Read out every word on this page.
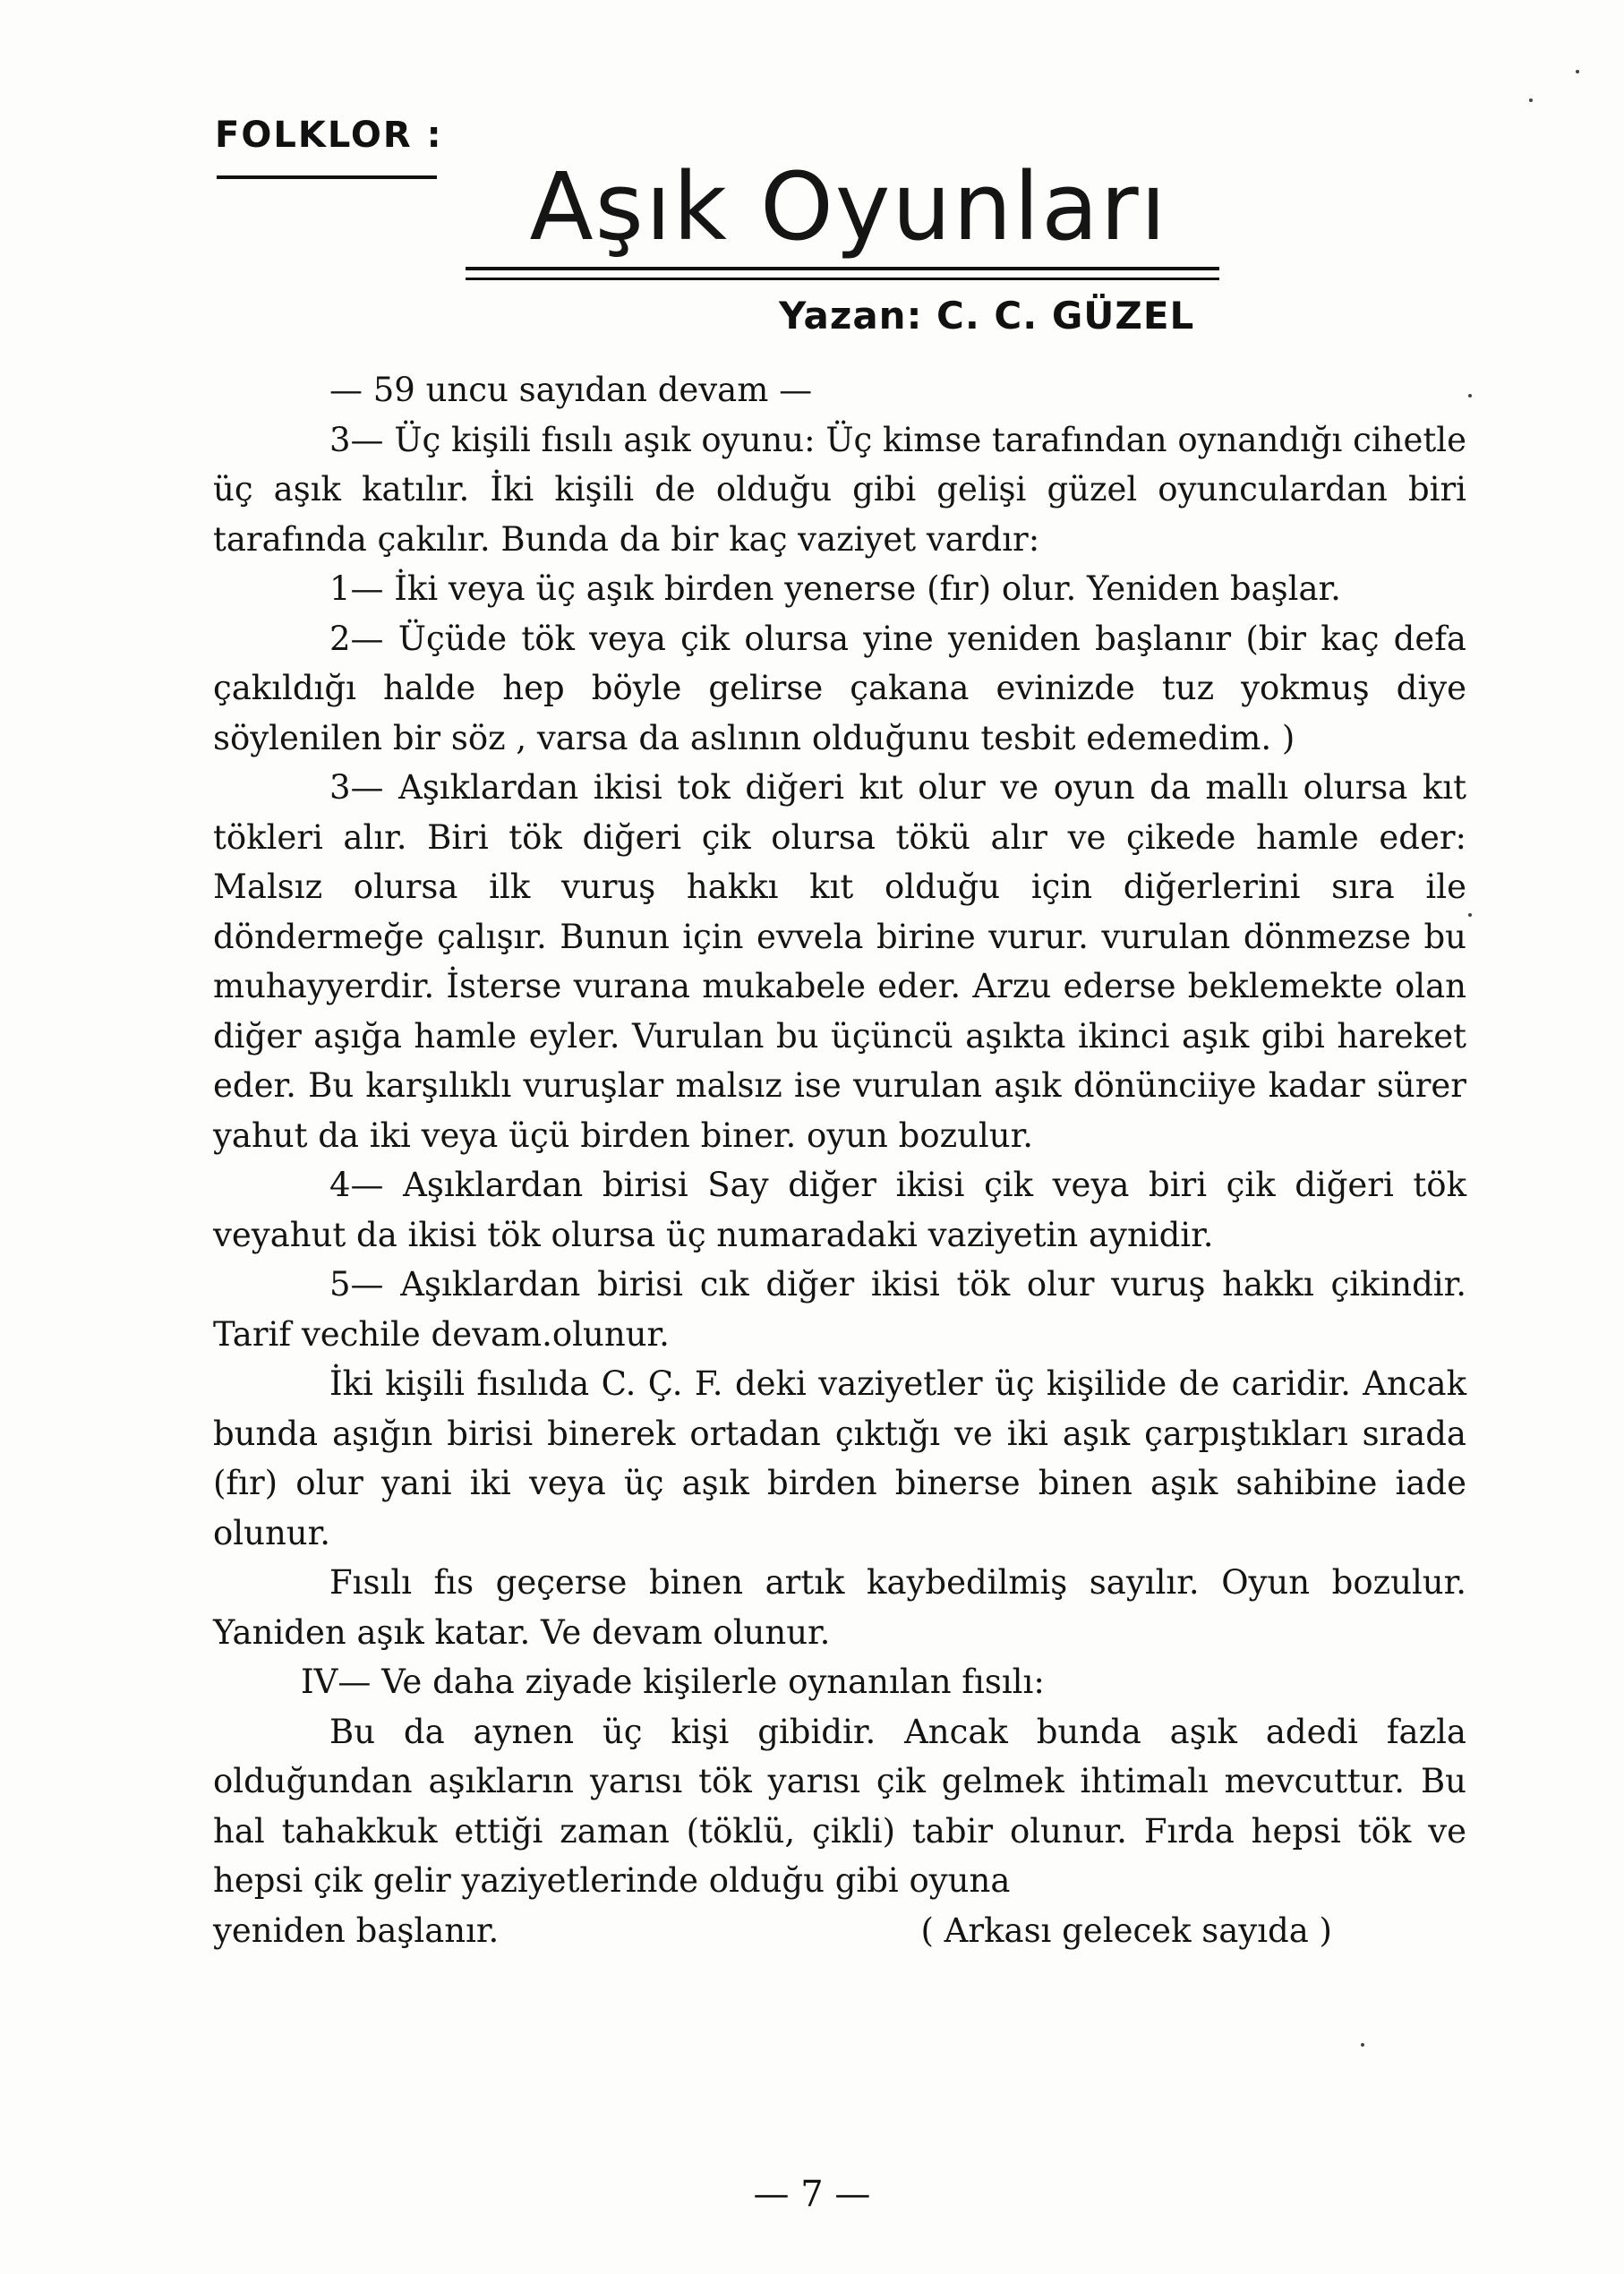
FOLKLOR :
Aşık Oyunları
Yazan: C. C. GÜZEL

— 59 uncu sayıdan devam —

3— Üç kişili fısılı aşık oyunu: Üç kimse tarafından oynandığı cihetle üç aşık katılır. İki kişili de olduğu gibi gelişi güzel oyunculardan biri tarafında çakılır. Bunda da bir kaç vaziyet vardır:

1— İki veya üç aşık birden yenerse (fır) olur. Yeniden başlar.

2— Üçüde tök veya çik olursa yine yeniden başlanır (bir kaç defa çakıldığı halde hep böyle gelirse çakana evinizde tuz yokmuş diye söylenilen bir söz , varsa da aslının olduğunu tesbit edemedim. )

3— Aşıklardan ikisi tok diğeri kıt olur ve oyun da mallı olursa kıt tökleri alır. Biri tök diğeri çik olursa tökü alır ve çikede hamle eder: Malsız olursa ilk vuruş hakkı kıt olduğu için diğerlerini sıra ile döndermeğe çalışır. Bunun için evvela birine vurur. vurulan dönmezse bu muhayyerdir. İsterse vurana mukabele eder. Arzu ederse beklemekte olan diğer aşığa hamle eyler. Vurulan bu üçüncü aşıkta ikinci aşık gibi hareket eder. Bu karşılıklı vuruşlar malsız ise vurulan aşık dönünciiye kadar sürer yahut da iki veya üçü birden biner. oyun bozulur.

4— Aşıklardan birisi Say diğer ikisi çik veya biri çik diğeri tök veyahut da ikisi tök olursa üç numaradaki vaziyetin aynidir.

5— Aşıklardan birisi cık diğer ikisi tök olur vuruş hakkı çikindir. Tarif vechile devam.olunur.

İki kişili fısılıda C. Ç. F. deki vaziyetler üç kişilide de caridir. Ancak bunda aşığın birisi binerek ortadan çıktığı ve iki aşık çarpıştıkları sırada (fır) olur yani iki veya üç aşık birden binerse binen aşık sahibine iade olunur.

Fısılı fıs geçerse binen artık kaybedilmiş sayılır. Oyun bozulur. Yaniden aşık katar. Ve devam olunur.

IV— Ve daha ziyade kişilerle oynanılan fısılı:

Bu da aynen üç kişi gibidir. Ancak bunda aşık adedi fazla olduğundan aşıkların yarısı tök yarısı çik gelmek ihtimalı mevcuttur. Bu hal tahakkuk ettiği zaman (töklü, çikli) tabir olunur. Fırda hepsi tök ve hepsi çik gelir yaziyetlerinde olduğu gibi oyuna

yeniden başlanır.	( Arkası gelecek sayıda )

— 7 —
